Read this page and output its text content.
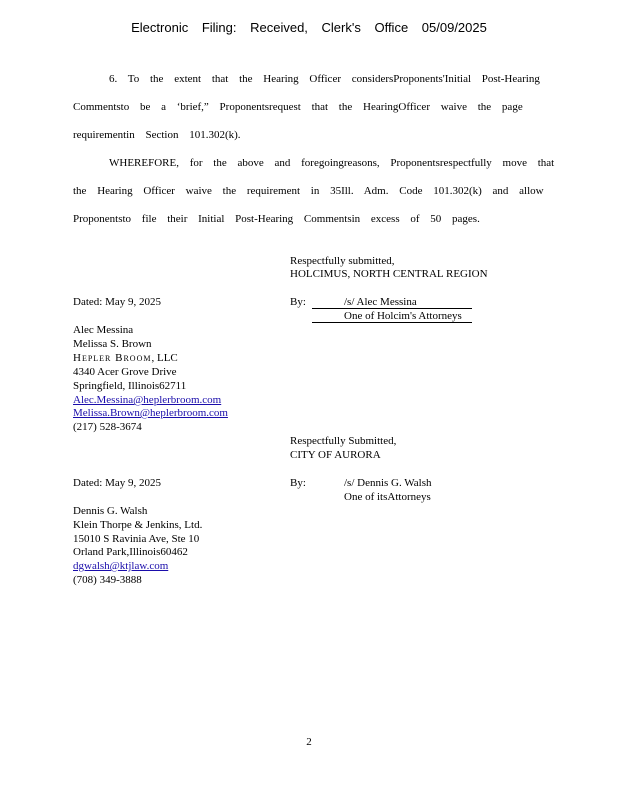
Electronic Filing: Received, Clerk's Office 05/09/2025
6. To the extent that the Hearing Officer considersProponents'Initial Post-Hearing
Commentsto be a ‘brief,” Proponentsrequest that the HearingOfficer waive the page
requirementin Section 101.302(k).
WHEREFORE, for the above and foregoingreasons, Proponentsrespectfully move that
the Hearing Officer waive the requirement in 35Ill. Adm. Code 101.302(k) and allow
Proponentsto file their Initial Post-Hearing Commentsin excess of 50 pages.
Respectfully submitted,
HOLCIMUS, NORTH CENTRAL REGION
Dated: May 9, 2025	By:	/s/ Alec Messina
One of Holcim's Attorneys
Alec Messina
Melissa S. Brown
Hepler Broom, LLC
4340 Acer Grove Drive
Springfield, Illinois62711
Alec.Messina@heplerbroom.com
Melissa.Brown@heplerbroom.com
(217) 528-3674
Respectfully Submitted,
CITY OF AURORA
Dated: May 9, 2025	By:	/s/ Dennis G. Walsh
One of itsAttorneys
Dennis G. Walsh
Klein Thorpe & Jenkins, Ltd.
15010 S Ravinia Ave, Ste 10
Orland Park,Illinois60462
dgwalsh@ktjlaw.com
(708) 349-3888
2
